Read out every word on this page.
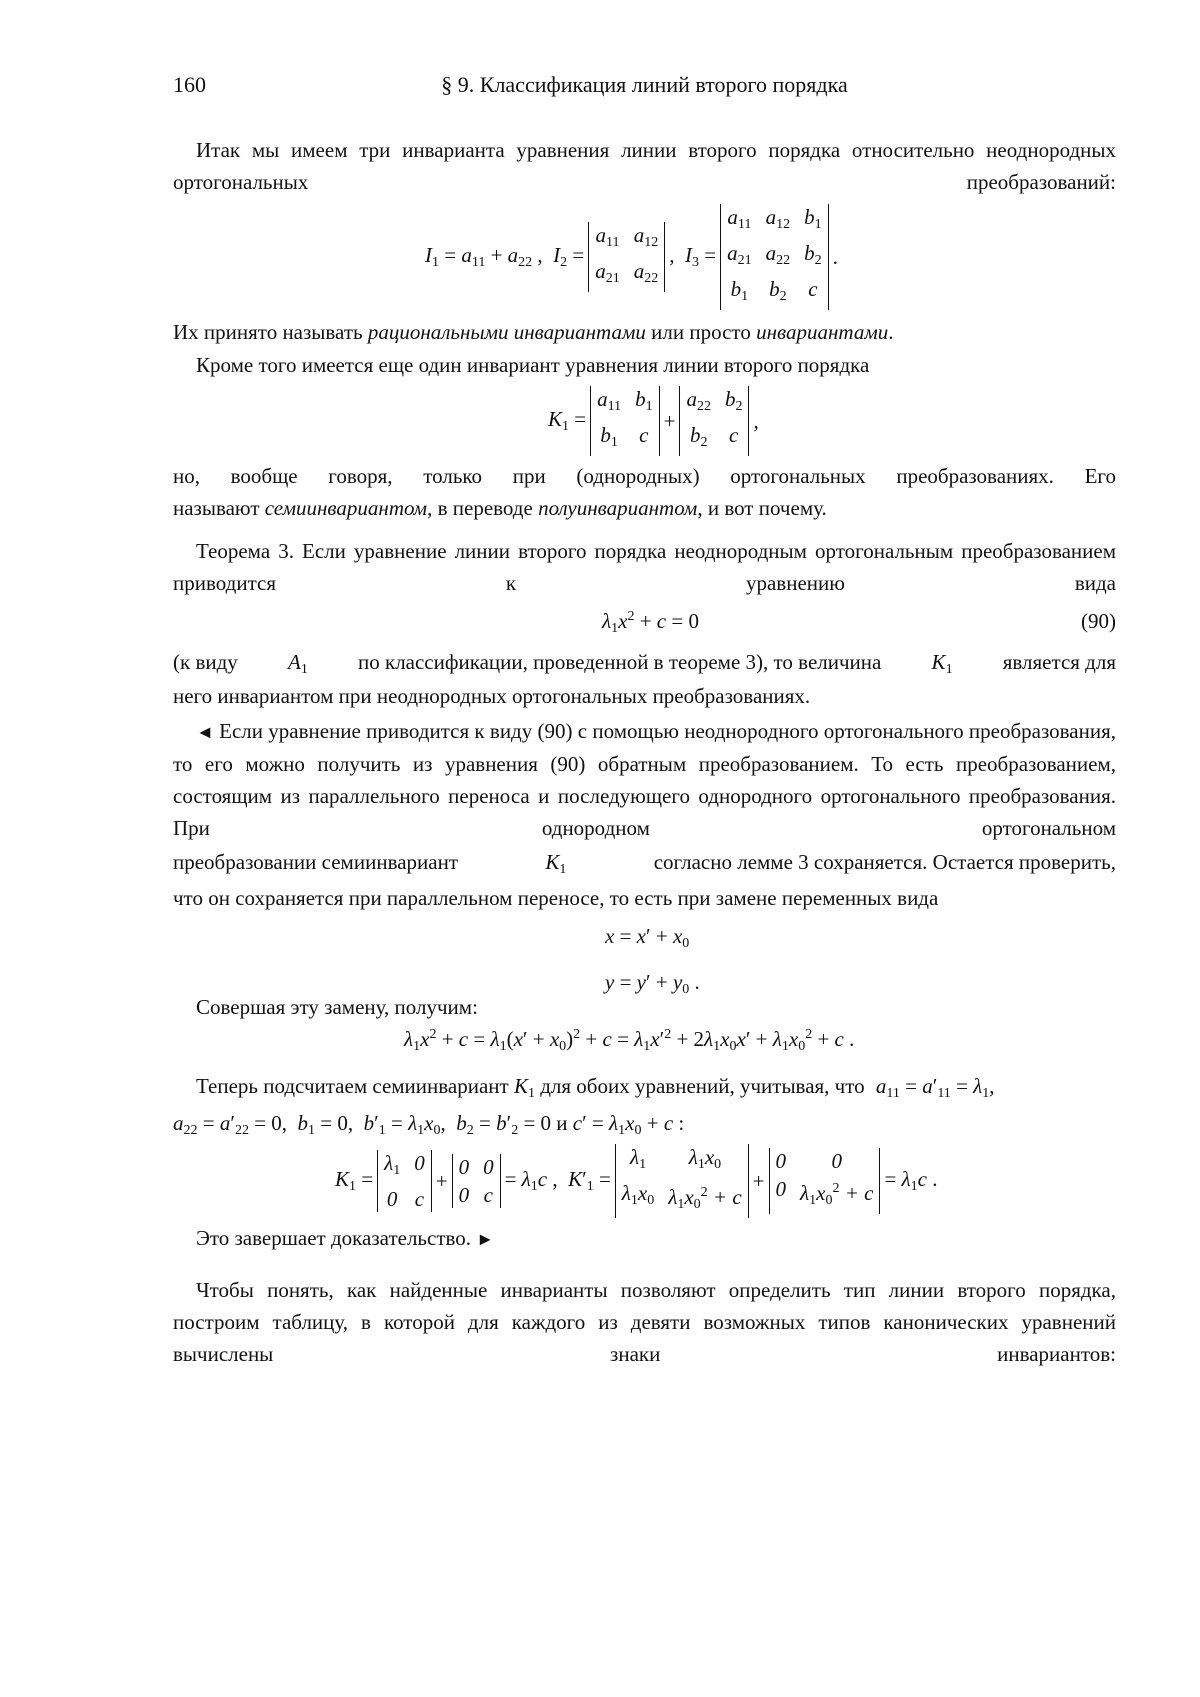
160	§ 9. Классификация линий второго порядка
Итак мы имеем три инварианта уравнения линии второго порядка относительно неоднородных ортогональных преобразований:
$I_1 = a_{11} + a_{22}$ ,  $I_2$ =
$a_{11}$ $a_{12}$
$a_{21}$ $a_{22}$
,  $I_3$ =
$a_{11}$ $a_{12}$ $b_1$
$a_{21}$ $a_{22}$ $b_2$
$b_1$ $b_2$ c
.
Их принято называть рациональными инвариантами или просто инвариантами.
Кроме того имеется еще один инвариант уравнения линии второго порядка
$K_1$ =
$a_{11}$ $b_1$
$b_1$ c
+
$a_{22}$ $b_2$
$b_2$ c
,
но, вообще говоря, только при (однородных) ортогональных преобразованиях. Его
называют семиинвариантом, в переводе полуинвариантом, и вот почему.
Теорема 3. Если уравнение линии второго порядка неоднородным ортогональным преобразованием приводится к уравнению вида
$\lambda_1x^2 + c = 0$	(90)
(к виду $A_1$ по классификации, проведенной в теореме 3), то величина $K_1$ является для
него инвариантом при неоднородных ортогональных преобразованиях.
◄ Если уравнение приводится к виду (90) с помощью неоднородного ортогонального преобразования, то его можно получить из уравнения (90) обратным преобразованием. То есть преобразованием, состоящим из параллельного переноса и последующего однородного ортогонального преобразования. При однородном ортогональном
преобразовании семиинвариант	$K_1$	согласно лемме 3 сохраняется. Остается проверить,
что он сохраняется при параллельном переносе, то есть при замене переменных вида
$x = x' + x_0$
$y = y' + y_0$ .
Совершая эту замену, получим:
$\lambda_1x^2 + c = \lambda_1(x' + x_0)^2 + c = \lambda_1x'^2 + 2\lambda_1x_0x' + \lambda_1x_0^2 + c$ .
Теперь подсчитаем семиинвариант $K_1$ для обоих уравнений, учитывая, что $a_{11} = a'_{11} = \lambda_1$,
$a_{22} = a'_{22} = 0$,  $b_1 = 0$,  $b'_1 = \lambda_1x_0$,  $b_2 = b'_2 = 0$ и $c' = \lambda_1x_0 + c$ :
$K_1$ =
$\lambda_1$ 0
0 c
+
0 0
0 c
= $\lambda_1c$ ,  $K'_1$ =
$\lambda_1$	$\lambda_1x_0$
$\lambda_1x_0$ $\lambda_1x_0^2 + c$
+
0	0
0 $\lambda_1x_0^2 + c$
= $\lambda_1c$ .
Это завершает доказательство. ►
Чтобы понять, как найденные инварианты позволяют определить тип линии второго порядка, построим таблицу, в которой для каждого из девяти возможных типов канонических уравнений вычислены знаки инвариантов:
